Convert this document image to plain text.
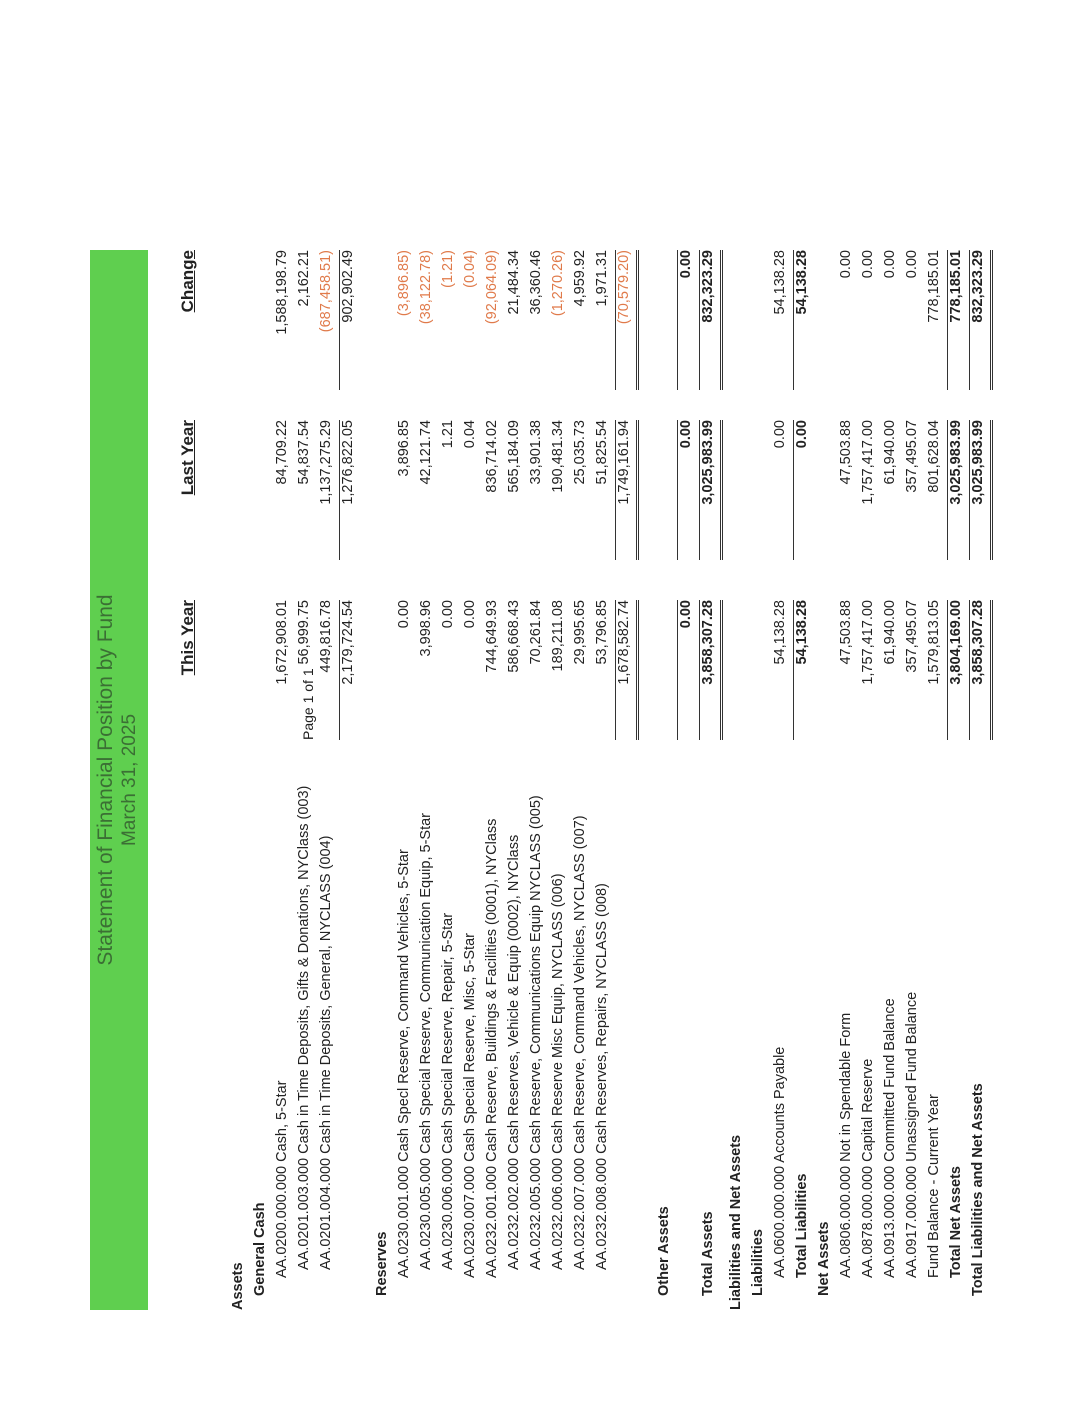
Statement of Financial Position by Fund March 31, 2025
This Year
Last Year
Change
Assets General Cash AA.0200.000.000 Cash, 5-Star
1,672,908.01
84,709.22
1,588,198.79
AA.0201.003.000 Cash in Time Deposits, Gifts & Donations, NYClass (003)
56,999.75
54,837.54
2,162.21
AA.0201.004.000 Cash in Time Deposits, General, NYCLASS (004)
449,816.78
1,137,275.29
(687,458.51)
2,179,724.54
1,276,822.05
902,902.49
Reserves AA.0230.001.000 Cash Specl Reserve, Command Vehicles, 5-Star
0.00
3,896.85
(3,896.85)
AA.0230.005.000 Cash Special Reserve, Communication Equip, 5-Star
3,998.96
42,121.74
(38,122.78)
AA.0230.006.000 Cash Special Reserve, Repair, 5-Star
0.00
1.21
(1.21)
AA.0230.007.000 Cash Special Reserve, Misc, 5-Star
0.00
0.04
(0.04)
AA.0232.001.000 Cash Reserve, Buildings & Facilities (0001), NYClass
744,649.93
836,714.02
(92,064.09)
AA.0232.002.000 Cash Reserves, Vehicle & Equip (0002), NYClass
586,668.43
565,184.09
21,484.34
AA.0232.005.000 Cash Reserve, Communications Equip NYCLASS (005)
70,261.84
33,901.38
36,360.46
AA.0232.006.000 Cash Reserve Misc Equip, NYCLASS (006)
189,211.08
190,481.34
(1,270.26)
AA.0232.007.000 Cash Reserve, Command Vehicles, NYCLASS (007)
29,995.65
25,035.73
4,959.92
AA.0232.008.000 Cash Reserves, Repairs, NYCLASS (008)
53,796.85
51,825.54
1,971.31
1,678,582.74
1,749,161.94
(70,579.20)
Other Assets
0.00
0.00
0.00
Total Assets
3,858,307.28
3,025,983.99
832,323.29
Liabilities and Net Assets Liabilities AA.0600.000.000 Accounts Payable
54,138.28
0.00
54,138.28
Total Liabilities
54,138.28
0.00
54,138.28
Net Assets AA.0806.000.000 Not in Spendable Form
47,503.88
47,503.88
0.00
AA.0878.000.000 Capital Reserve
1,757,417.00
1,757,417.00
0.00
AA.0913.000.000 Committed Fund Balance
61,940.00
61,940.00
0.00
AA.0917.000.000 Unassigned Fund Balance
357,495.07
357,495.07
0.00
Fund Balance - Current Year
1,579,813.05
801,628.04
778,185.01
Total Net Assets
3,804,169.00
3,025,983.99
778,185.01
Total Liabilities and Net Assets
3,858,307.28
3,025,983.99
832,323.29
Page 1 of 1
